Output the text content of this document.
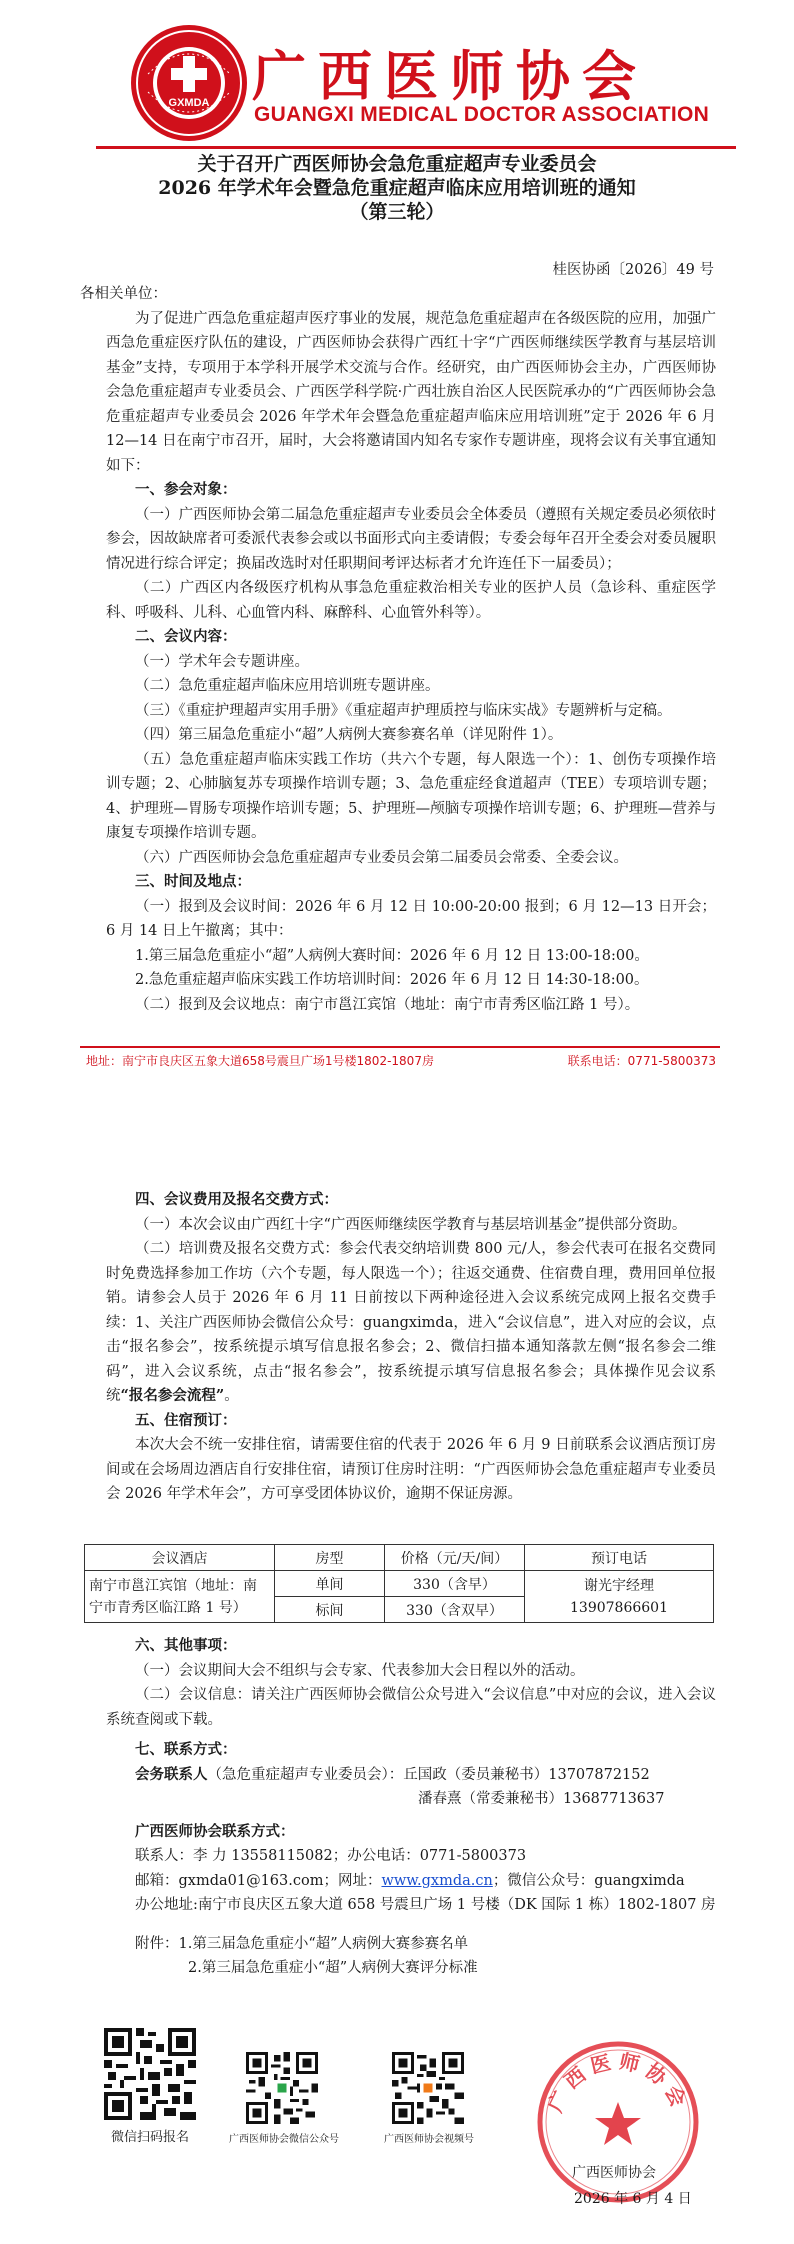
GXMDA 广西医师协会
GUANGXI MEDICAL DOCTOR ASSOCIATION
关于召开广西医师协会急危重症超声专业委员会
2026 年学术年会暨急危重症超声临床应用培训班的通知
（第三轮）
桂医协函〔2026〕49 号

各相关单位：

为了促进广西急危重症超声医疗事业的发展，规范急危重症超声在各级医院的应用，加强广西急危重症医疗队伍的建设，广西医师协会获得广西红十字“广西医师继续医学教育与基层培训基金”支持，专项用于本学科开展学术交流与合作。经研究，由广西医师协会主办，广西医师协会急危重症超声专业委员会、广西医学科学院·广西壮族自治区人民医院承办的“广西医师协会急危重症超声专业委员会 2026 年学术年会暨急危重症超声临床应用培训班”定于 2026 年 6 月 12—14 日在南宁市召开，届时，大会将邀请国内知名专家作专题讲座，现将会议有关事宜通知如下：

一、参会对象：

（一）广西医师协会第二届急危重症超声专业委员会全体委员（遵照有关规定委员必须依时参会，因故缺席者可委派代表参会或以书面形式向主委请假；专委会每年召开全委会对委员履职情况进行综合评定；换届改选时对任职期间考评达标者才允许连任下一届委员）；

（二）广西区内各级医疗机构从事急危重症救治相关专业的医护人员（急诊科、重症医学科、呼吸科、儿科、心血管内科、麻醉科、心血管外科等）。

二、会议内容：

（一）学术年会专题讲座。

（二）急危重症超声临床应用培训班专题讲座。

（三）《重症护理超声实用手册》《重症超声护理质控与临床实战》专题辨析与定稿。

（四）第三届急危重症小“超”人病例大赛参赛名单（详见附件 1）。

（五）急危重症超声临床实践工作坊（共六个专题，每人限选一个）：1、创伤专项操作培训专题；2、心肺脑复苏专项操作培训专题；3、急危重症经食道超声（TEE）专项培训专题；4、护理班—胃肠专项操作培训专题；5、护理班—颅脑专项操作培训专题；6、护理班—营养与康复专项操作培训专题。

（六）广西医师协会急危重症超声专业委员会第二届委员会常委、全委会议。

三、时间及地点：

（一）报到及会议时间：2026 年 6 月 12 日 10:00-20:00 报到；6 月 12—13 日开会；6 月 14 日上午撤离；其中：

1.第三届急危重症小“超”人病例大赛时间：2026 年 6 月 12 日 13:00-18:00。

2.急危重症超声临床实践工作坊培训时间：2026 年 6 月 12 日 14:30-18:00。

（二）报到及会议地点：南宁市邕江宾馆（地址：南宁市青秀区临江路 1 号）。

地址：南宁市良庆区五象大道658号震旦广场1号楼1802-1807房	联系电话：0771-5800373
四、会议费用及报名交费方式：

（一）本次会议由广西红十字“广西医师继续医学教育与基层培训基金”提供部分资助。

（二）培训费及报名交费方式：参会代表交纳培训费 800 元/人，参会代表可在报名交费同时免费选择参加工作坊（六个专题，每人限选一个）；往返交通费、住宿费自理，费用回单位报销。请参会人员于 2026 年 6 月 11 日前按以下两种途径进入会议系统完成网上报名交费手续：1、关注广西医师协会微信公众号：guangximda，进入“会议信息”，进入对应的会议，点击“报名参会”，按系统提示填写信息报名参会；2、微信扫描本通知落款左侧“报名参会二维码”，进入会议系统，点击“报名参会”，按系统提示填写信息报名参会；具体操作见会议系统“报名参会流程”。

五、住宿预订：

本次大会不统一安排住宿，请需要住宿的代表于 2026 年 6 月 9 日前联系会议酒店预订房间或在会场周边酒店自行安排住宿，请预订住房时注明：“广西医师协会急危重症超声专业委员会 2026 年学术年会”，方可享受团体协议价，逾期不保证房源。

会议酒店	房型	价格（元/天/间）	预订电话
南宁市邕江宾馆（地址：南宁市青秀区临江路 1 号）	单间	330（含早）	谢光宇经理
13907866601

	标间	330（含双早）	
六、其他事项：

（一）会议期间大会不组织与会专家、代表参加大会日程以外的活动。

（二）会议信息：请关注广西医师协会微信公众号进入“会议信息”中对应的会议，进入会议系统查阅或下载。

七、联系方式：

会务联系人（急危重症超声专业委员会）：丘国政（委员兼秘书）13707872152

潘春熹（常委兼秘书）13687713637

广西医师协会联系方式：

联系人：李 力 13558115082；办公电话：0771-5800373

邮箱：gxmda01@163.com；网址：www.gxmda.cn；微信公众号：guangximda

办公地址:南宁市良庆区五象大道 658 号震旦广场 1 号楼（DK 国际 1 栋）1802-1807 房

附件：1.第三届急危重症小“超”人病例大赛参赛名单

2.第三届急危重症小“超”人病例大赛评分标准

微信扫码报名	广西医师协会微信公众号	广西医师协会视频号
广西医师协会
广西医师协会
2026 年 6 月 4 日
